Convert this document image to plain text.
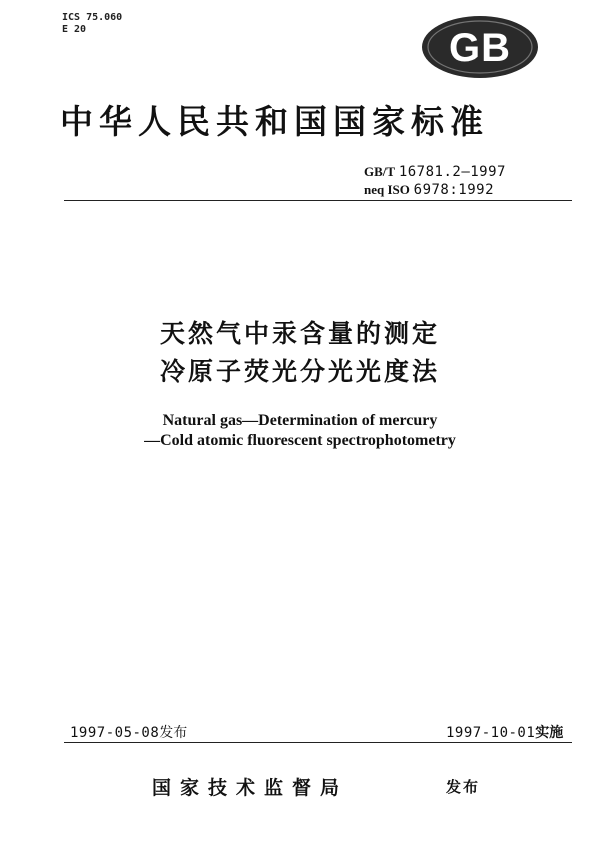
ICS 75.060
E 20	GB
中华人民共和国国家标准
GB/T 16781.2—1997
neq ISO 6978:1992
天然气中汞含量的测定
冷原子荧光分光光度法
Natural gas—Determination of mercury
—Cold atomic fluorescent spectrophotometry
1997-05-08发布	1997-10-01实施
国家技术监督局	发布
